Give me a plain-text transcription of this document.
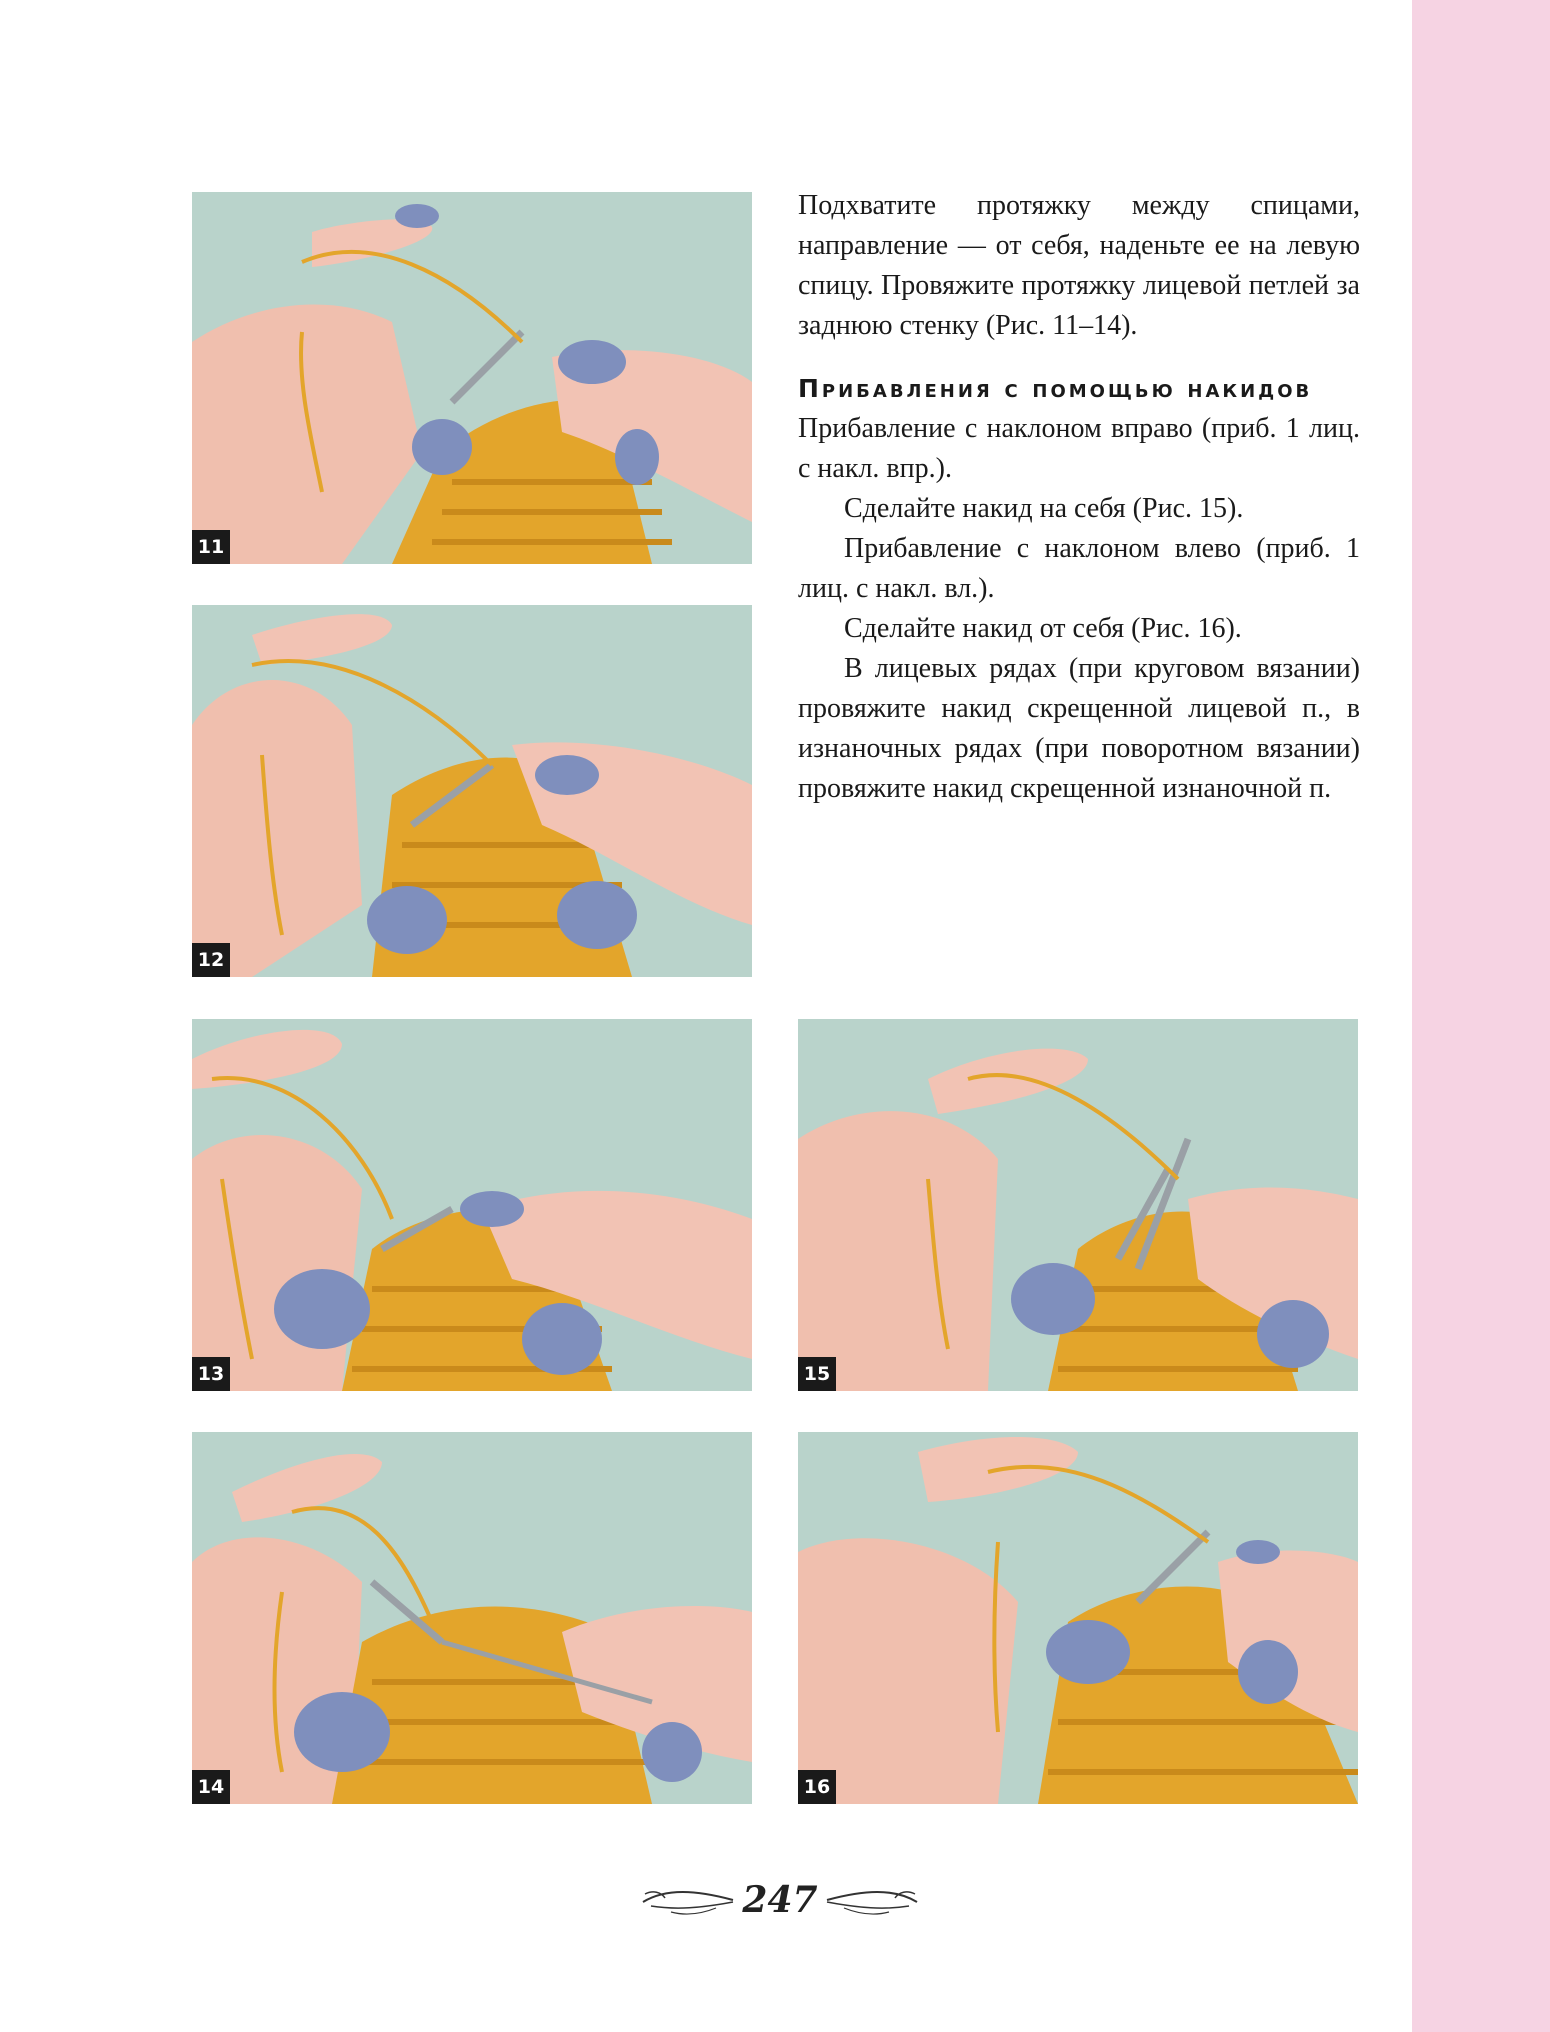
11
12
13
14
15
16

Подхватите протяжку между спицами, направление — от себя, наденьте ее на левую спицу. Провяжите протяжку лицевой петлей за заднюю стенку (Рис. 11–14).

Прибавления с помощью накидов

Прибавление с наклоном вправо (приб. 1 лиц. с накл. впр.).

Сделайте накид на себя (Рис. 15).

Прибавление с наклоном влево (приб. 1 лиц. с накл. вл.).

Сделайте накид от себя (Рис. 16).

В лицевых рядах (при круговом вязании) провяжите накид скрещенной лицевой п., в изнаночных рядах (при поворотном вязании) провяжите накид скрещенной изнаночной п.

247
